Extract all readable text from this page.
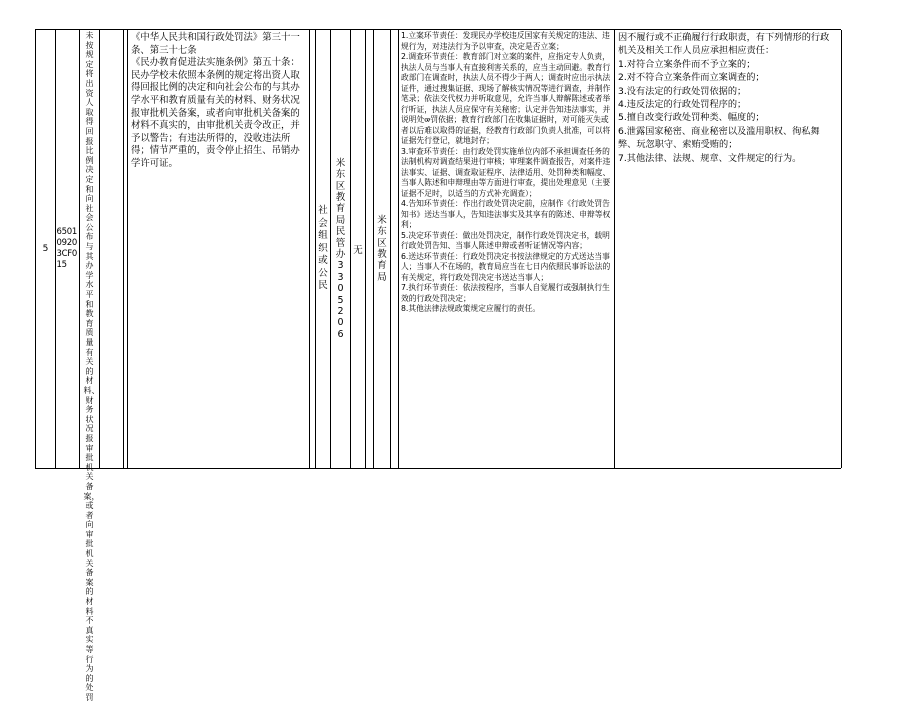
5
650109203CF015
未按规定将出资人取得回报比例决定和向社会公布与其办学水平和教育质量有关的材料、财务状况报审批机关备案，或者向审批机关备案的材料不真实等行为的处罚
《中华人民共和国行政处罚法》第三十一条、第三十七条
《民办教育促进法实施条例》第五十条：  民办学校未依照本条例的规定将出资人取得回报比例的决定和向社会公布的与其办学水平和教育质量有关的材料、财务状况报审批机关备案，或者向审批机关备案的材料不真实的，由审批机关责令改正，并予以警告；有违法所得的，没收违法所得；情节严重的，责令停止招生、吊销办学许可证。
社会组织或公民
米东区教育局民管办3305206
无
米东区教育局
1.立案环节责任：发现民办学校违反国家有关规定的违法、违规行为，对违法行为予以审查，决定是否立案；
2.调查环节责任：教育部门对立案的案件，应指定专人负责，执法人员与当事人有直接利害关系的，应当主动回避。教育行政部门在调查时，执法人员不得少于两人；调查时应出示执法证件，通过搜集证据、现场了解核实情况等进行调查，并制作笔录；依法交代权力并听取意见，允许当事人辩解陈述或者举行听证，执法人员应保守有关秘密；认定并告知违法事实，并说明处ᢍ罚依据；教育行政部门在收集证据时，对可能灭失或者以后难以取得的证据，经教育行政部门负责人批准，可以将证据先行登记，就地封存；
3.审查环节责任：由行政处罚实施单位内部不承担调查任务的法制机构对调查结果进行审核；审理案件调查报告，对案件违法事实、证据、调查取证程序、法律适用、处罚种类和幅度、当事人陈述和申辩理由等方面进行审查，提出处理意见（主要证据不足时，以适当的方式补充调查）；
4.告知环节责任：作出行政处罚决定前，应制作《行政处罚告知书》送达当事人，告知违法事实及其享有的陈述、申辩等权利；
5.决定环节责任：做出处罚决定，制作行政处罚决定书，载明行政处罚告知、当事人陈述申辩或者听证情况等内容；
6.送达环节责任：行政处罚决定书按法律规定的方式送达当事人；当事人不在场的，教育局应当在七日内依照民事诉讼法的有关规定，将行政处罚决定书送达当事人；
7.执行环节责任：依法按程序，当事人自觉履行或强制执行生效的行政处罚决定；
8.其他法律法规政策规定应履行的责任。
因不履行或不正确履行行政职责，有下列情形的行政机关及相关工作人员应承担相应责任：
1.对符合立案条件而不予立案的；
2.对不符合立案条件而立案调查的；
3.没有法定的行政处罚依据的；
4.违反法定的行政处罚程序的；
5.擅自改变行政处罚种类、幅度的；
6.泄露国家秘密、商业秘密以及滥用职权、徇私舞弊、玩忽职守、索贿受贿的；
7.其他法律、法规、规章、文件规定的行为。
